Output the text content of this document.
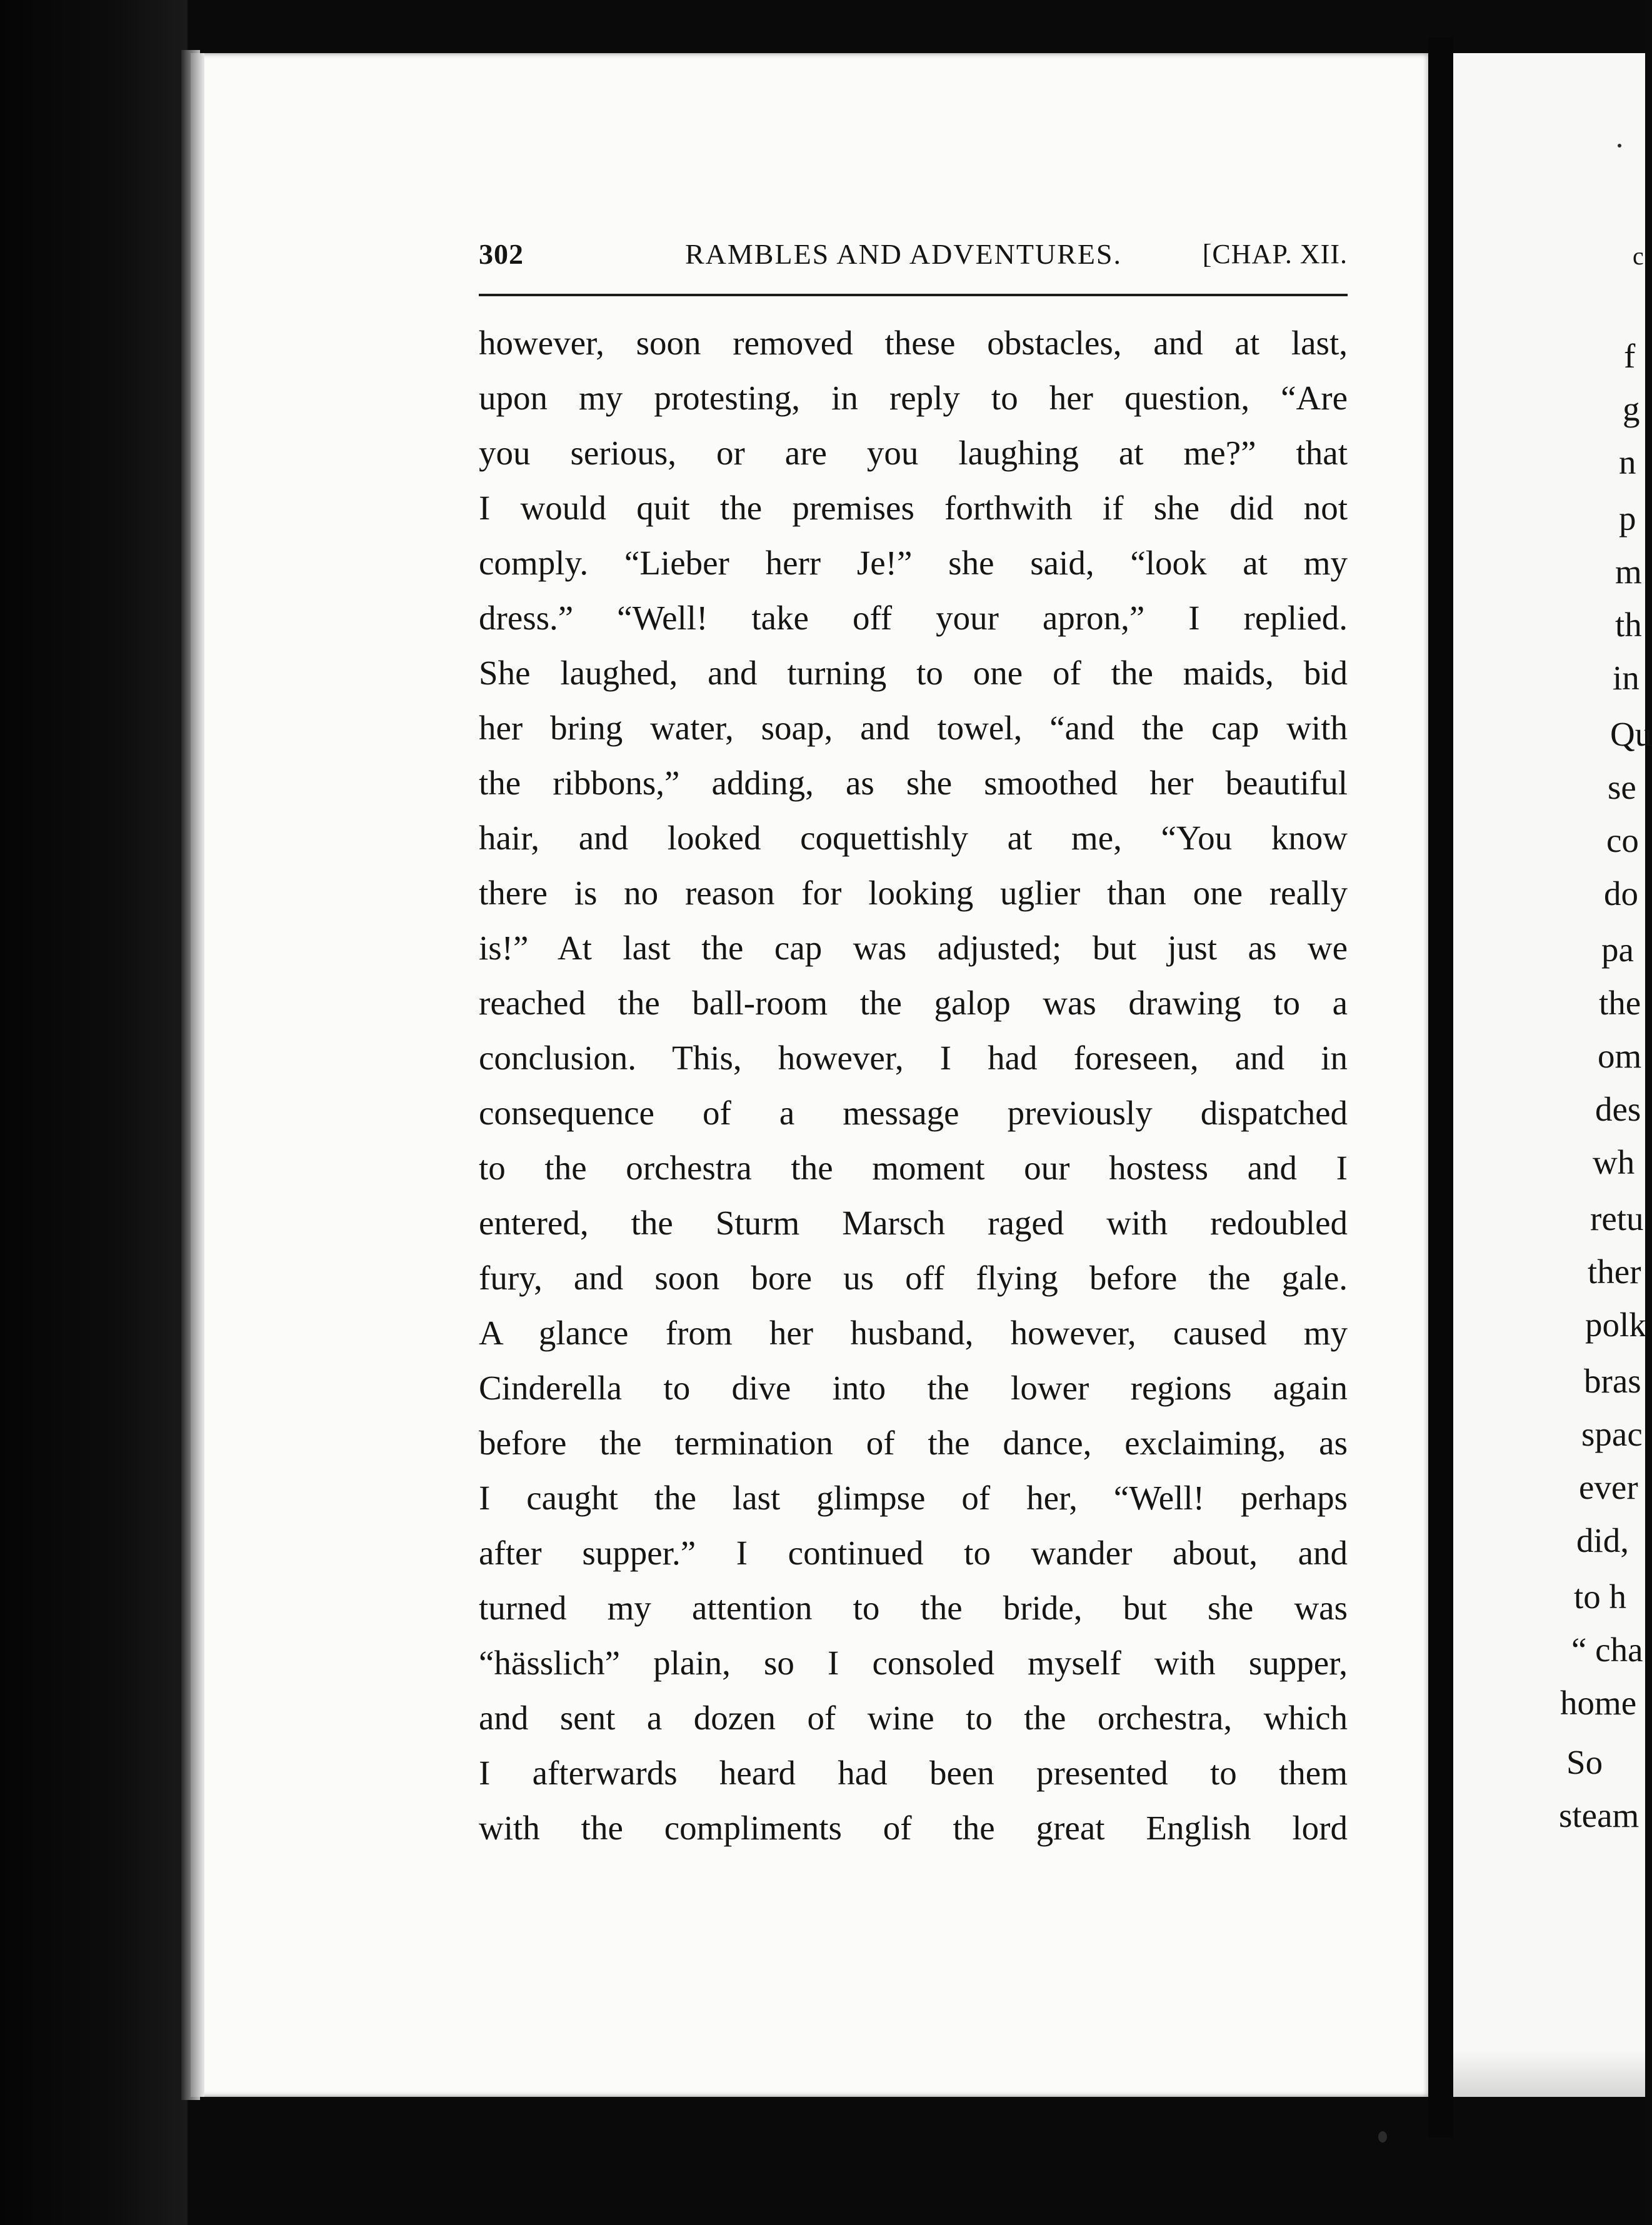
302	RAMBLES AND ADVENTURES.	[CHAP. XII.
however, soon removed these obstacles, and at last,
upon my protesting, in reply to her question, “Are
you serious, or are you laughing at me?” that
I would quit the premises forthwith if she did not
comply. “Lieber herr Je!” she said, “look at my
dress.” “Well! take off your apron,” I replied.
She laughed, and turning to one of the maids, bid
her bring water, soap, and towel, “and the cap with
the ribbons,” adding, as she smoothed her beautiful
hair, and looked coquettishly at me, “You know
there is no reason for looking uglier than one really
is!” At last the cap was adjusted; but just as we
reached the ball-room the galop was drawing to a
conclusion. This, however, I had foreseen, and in
consequence of a message previously dispatched
to the orchestra the moment our hostess and I
entered, the Sturm Marsch raged with redoubled
fury, and soon bore us off flying before the gale.
A glance from her husband, however, caused my
Cinderella to dive into the lower regions again
before the termination of the dance, exclaiming, as
I caught the last glimpse of her, “Well! perhaps
after supper.” I continued to wander about, and
turned my attention to the bride, but she was
“hässlich” plain, so I consoled myself with supper,
and sent a dozen of wine to the orchestra, which
I afterwards heard had been presented to them
with the compliments of the great English lord
c
f
g
n
p
m
th
in
Qu
se
co
do
pa
the
om
des
wh
retu
ther
polk
bras
spac
ever
did,
to h
“ cha
home
So
steam
